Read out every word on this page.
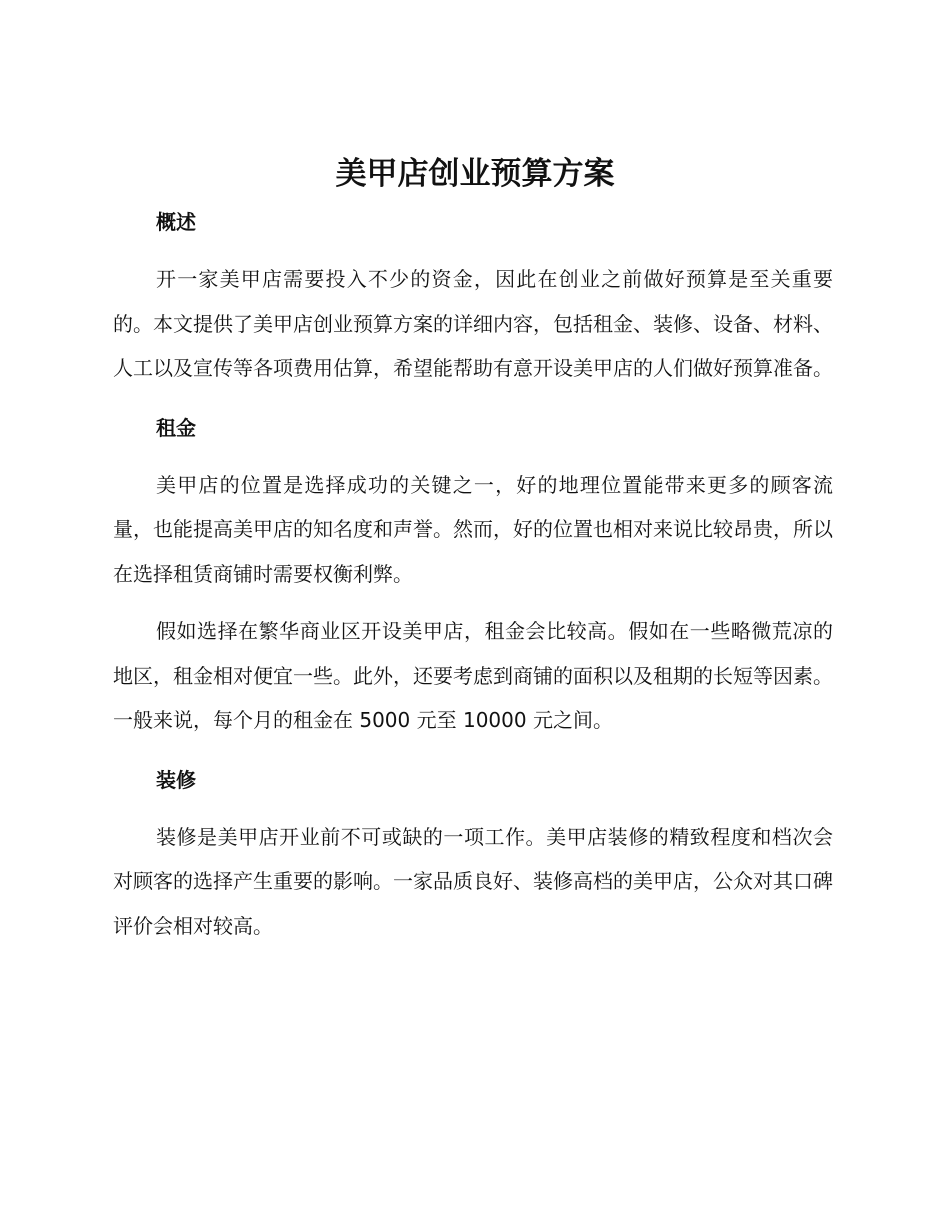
美甲店创业预算方案
概述

开一家美甲店需要投入不少的资金，因此在创业之前做好预算是至关重要的。本文提供了美甲店创业预算方案的详细内容，包括租金、装修、设备、材料、人工以及宣传等各项费用估算，希望能帮助有意开设美甲店的人们做好预算准备。

租金

美甲店的位置是选择成功的关键之一，好的地理位置能带来更多的顾客流量，也能提高美甲店的知名度和声誉。然而，好的位置也相对来说比较昂贵，所以在选择租赁商铺时需要权衡利弊。

假如选择在繁华商业区开设美甲店，租金会比较高。假如在一些略微荒凉的地区，租金相对便宜一些。此外，还要考虑到商铺的面积以及租期的长短等因素。一般来说，每个月的租金在 5000 元至 10000 元之间。

装修

装修是美甲店开业前不可或缺的一项工作。美甲店装修的精致程度和档次会对顾客的选择产生重要的影响。一家品质良好、装修高档的美甲店，公众对其口碑评价会相对较高。
